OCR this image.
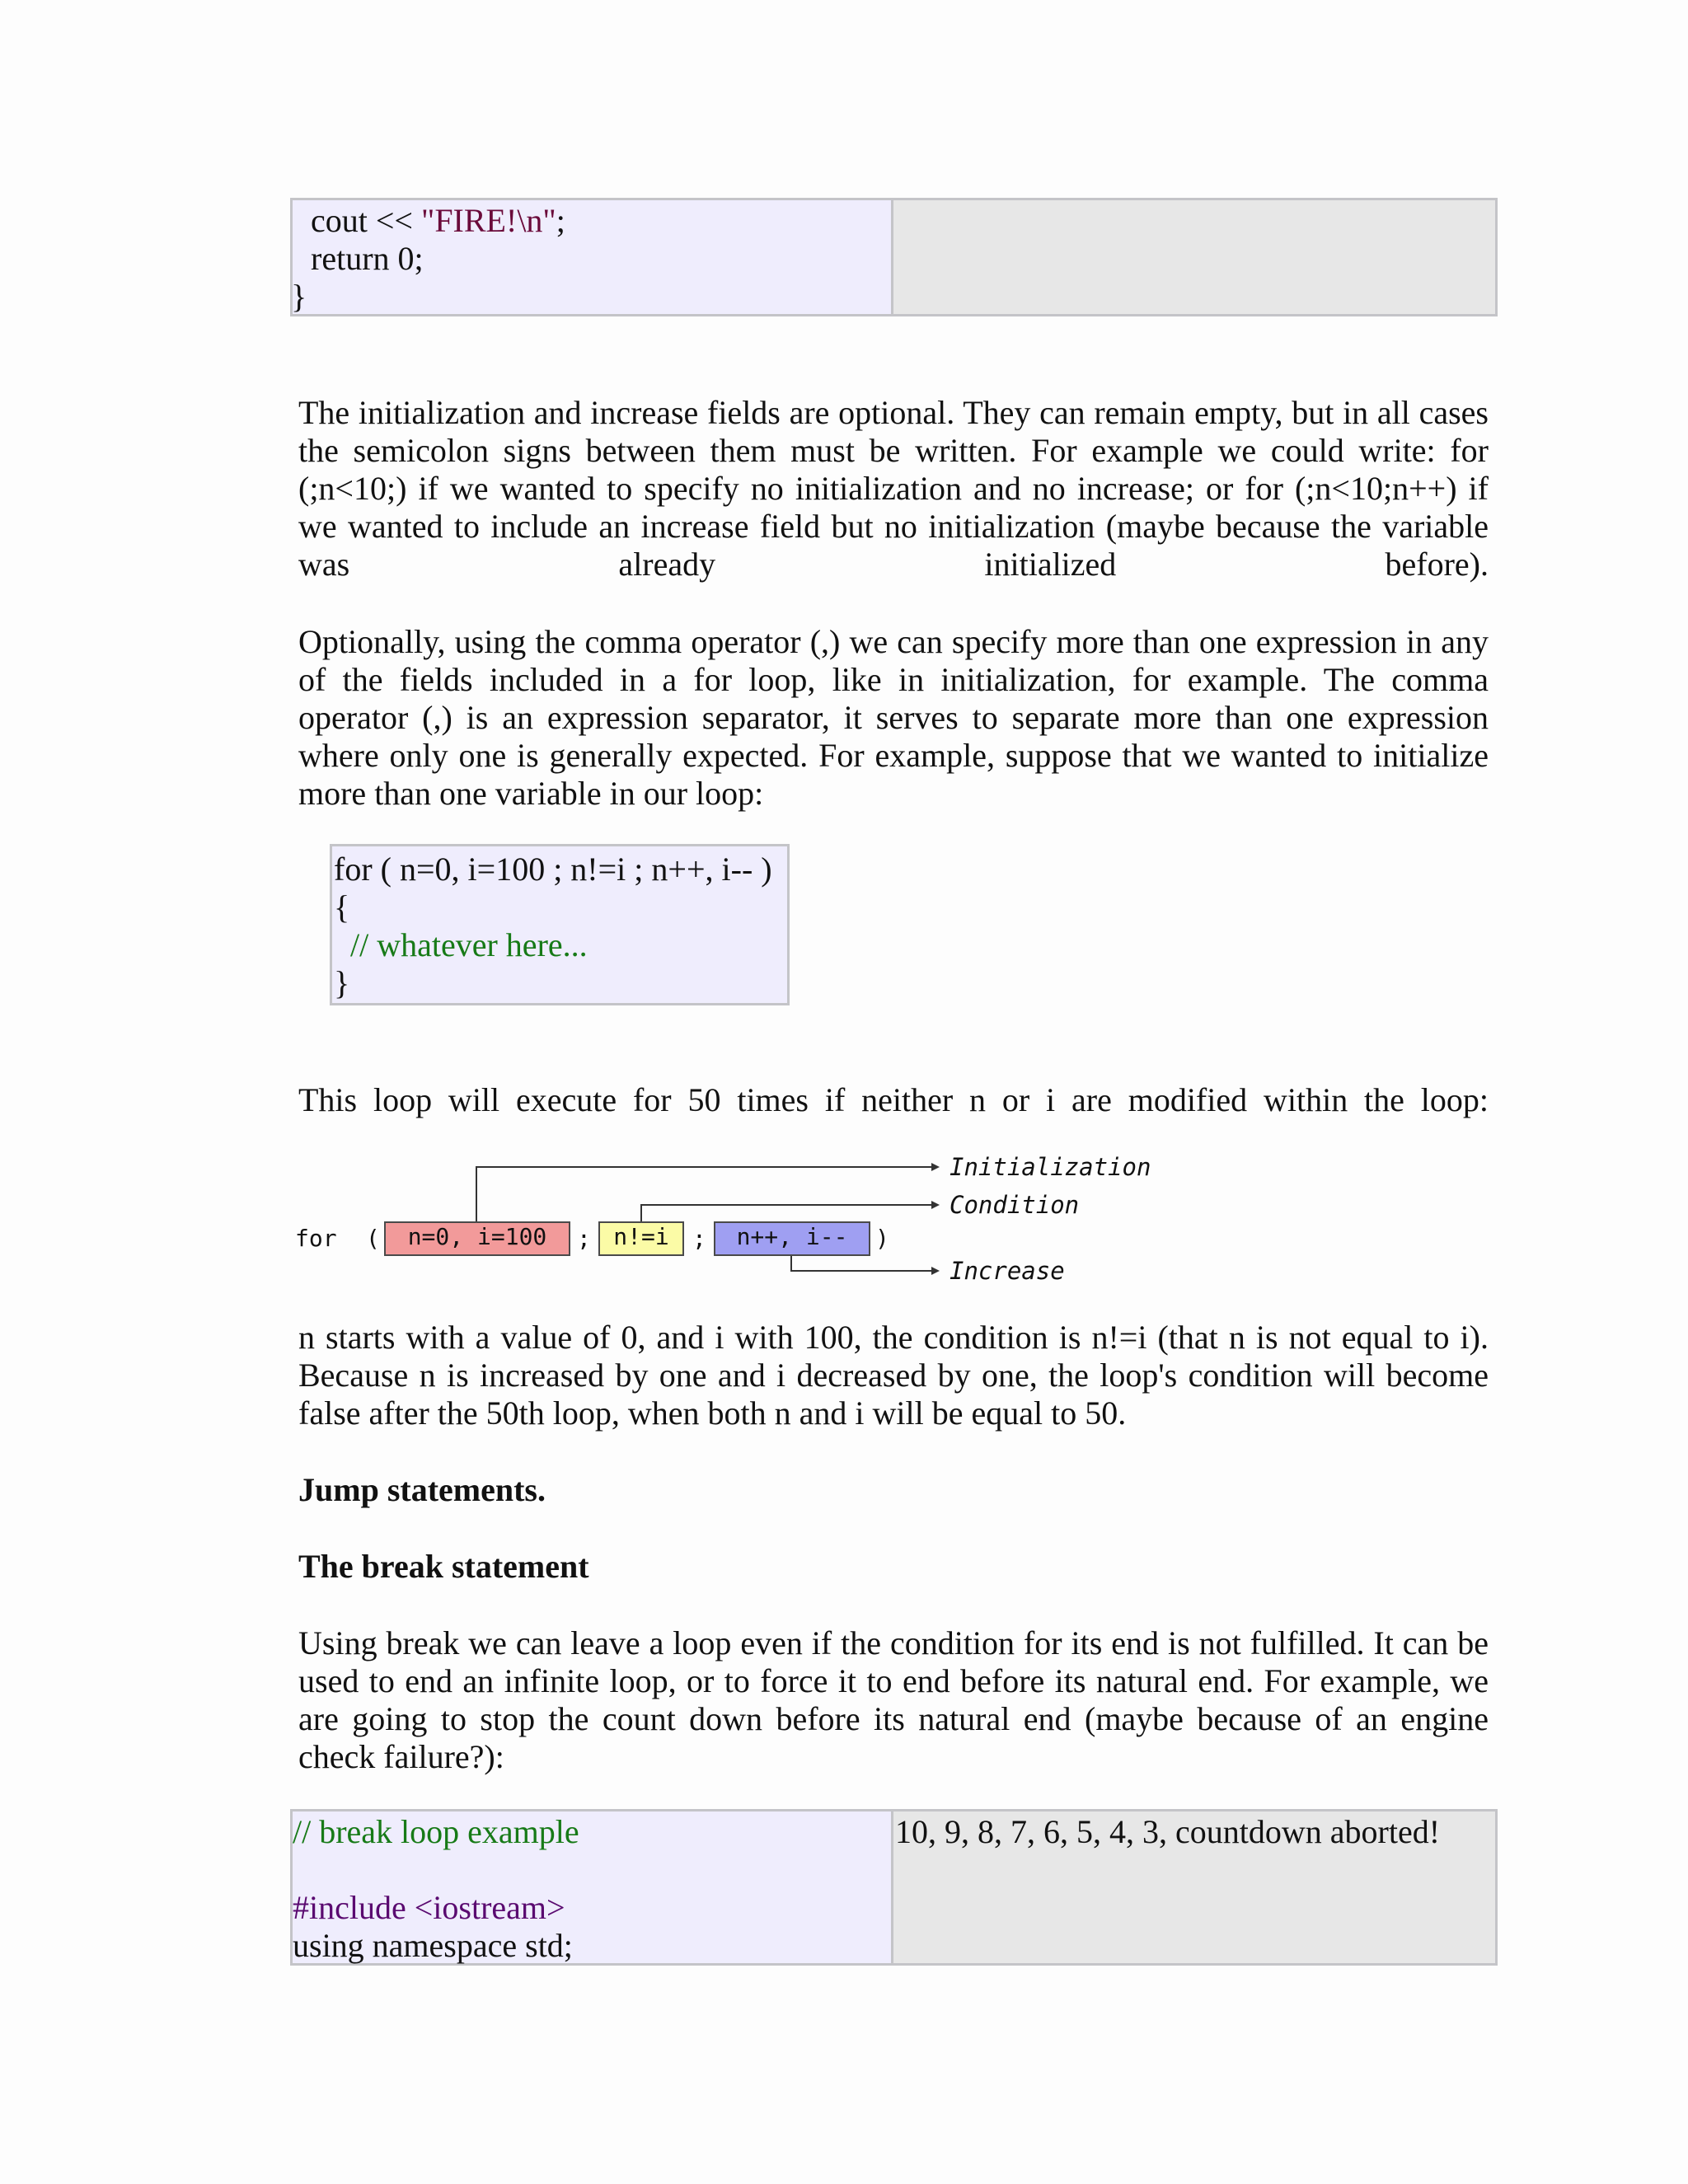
cout << "FIRE!\n";
return 0;
}
The initialization and increase fields are optional. They can remain empty, but in all cases
the semicolon signs between them must be written. For example we could write: for
(;n<10;) if we wanted to specify no initialization and no increase; or for (;n<10;n++) if
we wanted to include an increase field but no initialization (maybe because the variable
was already initialized before).
Optionally, using the comma operator (,) we can specify more than one expression in any
of the fields included in a for loop, like in initialization, for example. The comma
operator (,) is an expression separator, it serves to separate more than one expression
where only one is generally expected. For example, suppose that we wanted to initialize
more than one variable in our loop:
for ( n=0, i=100 ; n!=i ; n++, i-- )
{
// whatever here...
}
This loop will execute for 50 times if neither n or i are modified within the loop:
for (	n=0, i=100	; n!=i	;	n++, i--	)
Initialization
Condition
Increase
n starts with a value of 0, and i with 100, the condition is n!=i (that n is not equal to i).
Because n is increased by one and i decreased by one, the loop's condition will become
false after the 50th loop, when both n and i will be equal to 50.
Jump statements.
The break statement
Using break we can leave a loop even if the condition for its end is not fulfilled. It can be
used to end an infinite loop, or to force it to end before its natural end. For example, we
are going to stop the count down before its natural end (maybe because of an engine
check failure?):
// break loop example
#include <iostream>
using namespace std;
10, 9, 8, 7, 6, 5, 4, 3, countdown aborted!
